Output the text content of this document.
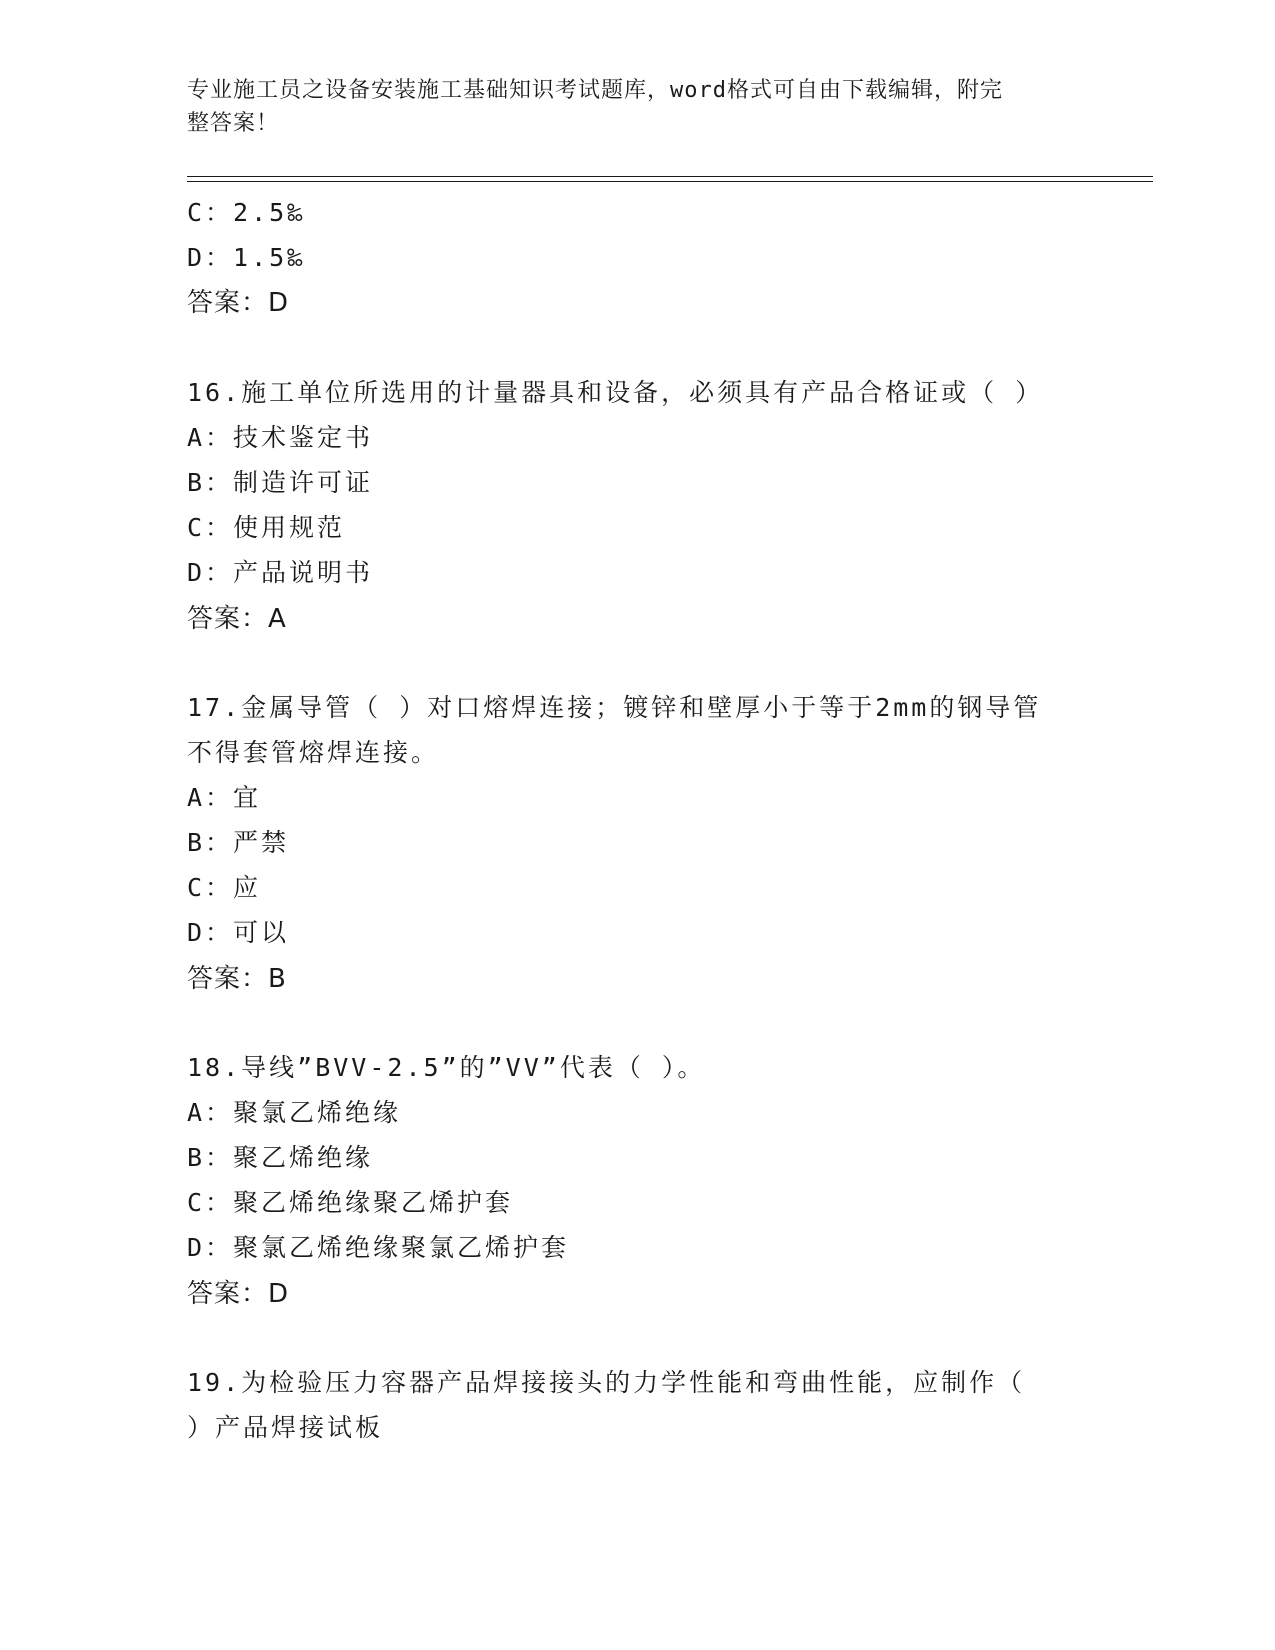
专业施工员之设备安装施工基础知识考试题库，word格式可自由下载编辑，附完
整答案！
C：2.5‰
D：1.5‰
答案：D
16.施工单位所选用的计量器具和设备，必须具有产品合格证或（ ）
A：技术鉴定书
B：制造许可证
C：使用规范
D：产品说明书
答案：A
17.金属导管（ ）对口熔焊连接；镀锌和壁厚小于等于2mm的钢导管
不得套管熔焊连接。
A：宜
B：严禁
C：应
D：可以
答案：B
18.导线”BVV-2.5”的”VV”代表（ ）。
A：聚氯乙烯绝缘
B：聚乙烯绝缘
C：聚乙烯绝缘聚乙烯护套
D：聚氯乙烯绝缘聚氯乙烯护套
答案：D
19.为检验压力容器产品焊接接头的力学性能和弯曲性能，应制作（
）产品焊接试板
